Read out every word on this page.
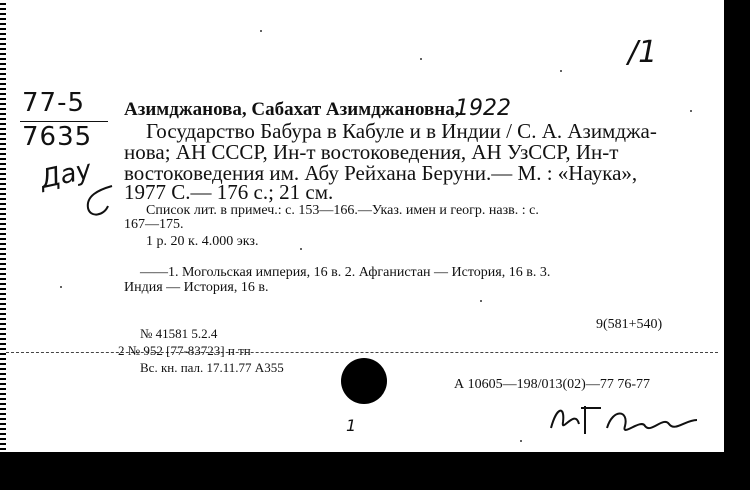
77-5
7635
Дау
/1
Азимджанова, Сабахат Азимджановна,
1922
Государство Бабура в Кабуле и в Индии / С. А. Азимджа-
нова; АН СССР, Ин-т востоковедения, АН УзССР, Ин-т
востоковедения им. Абу Рейхана Беруни.— М. : «Наука»,
1977 С.— 176 с.; 21 см.
Список лит. в примеч.: с. 153—166.—Указ. имен и геогр. назв. : с.
167—175.
1 р. 20 к. 4.000 экз.
——1. Могольская империя, 16 в. 2. Афганистан — История, 16 в. 3.
Индия — История, 16 в.
9(581+540)
№ 41581 5.2.4
2 № 952 [77-83723] п тп
Вс. кн. пал. 17.11.77 А355
А 10605—198/013(02)—77 76-77
1
